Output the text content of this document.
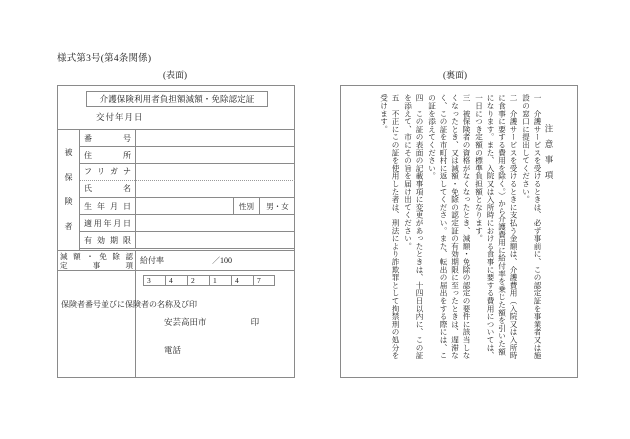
様式第3号(第4条関係)
(表面)	(裏面)
介護保険利用者負担額減額・免除認定証
交付年月日
被
保
険
者
番	号
住	所
フ リ ガ ナ
氏	名
生 年 月 日	性別	男・女
適 用 年 月 日
有 効 期 限
減 額 ・ 免 除 認
定	事	項
給付率	／100
保険者番号並びに保険者の名称及び印
3	4	2	1	4	7
安芸高田市	印
電話
注意事項
一　介護サービスを受けるときは、必ず事前に、この認定証を事業者又は施設の窓口に提出してください。
二　介護サービスを受けるときに支払う金額は、介護費用（入院又は入所時に食事に要する費用を除く。）から介護費用に給付率を乗じた額を引いた額になります。また、入院又は入所時における食事に要する費用については、一日につき定額の標準負担額となります。
三　被保険者の資格がなくなったとき、減額・免除の認定の要件に該当しなくなったとき、又は減額・免除の認定証の有効期限に至ったときは、遅滞なく、この証を市町村に返してください。また、転出の届出をする際には、この証を添えてください。
四　この証の表面の記載事項に変更があったときは、十四日以内に、この証を添えて、市にその旨を届け出てください。
五　不正にこの証を使用した者は、刑法により詐欺罪として拘禁刑の処分を受けます。
